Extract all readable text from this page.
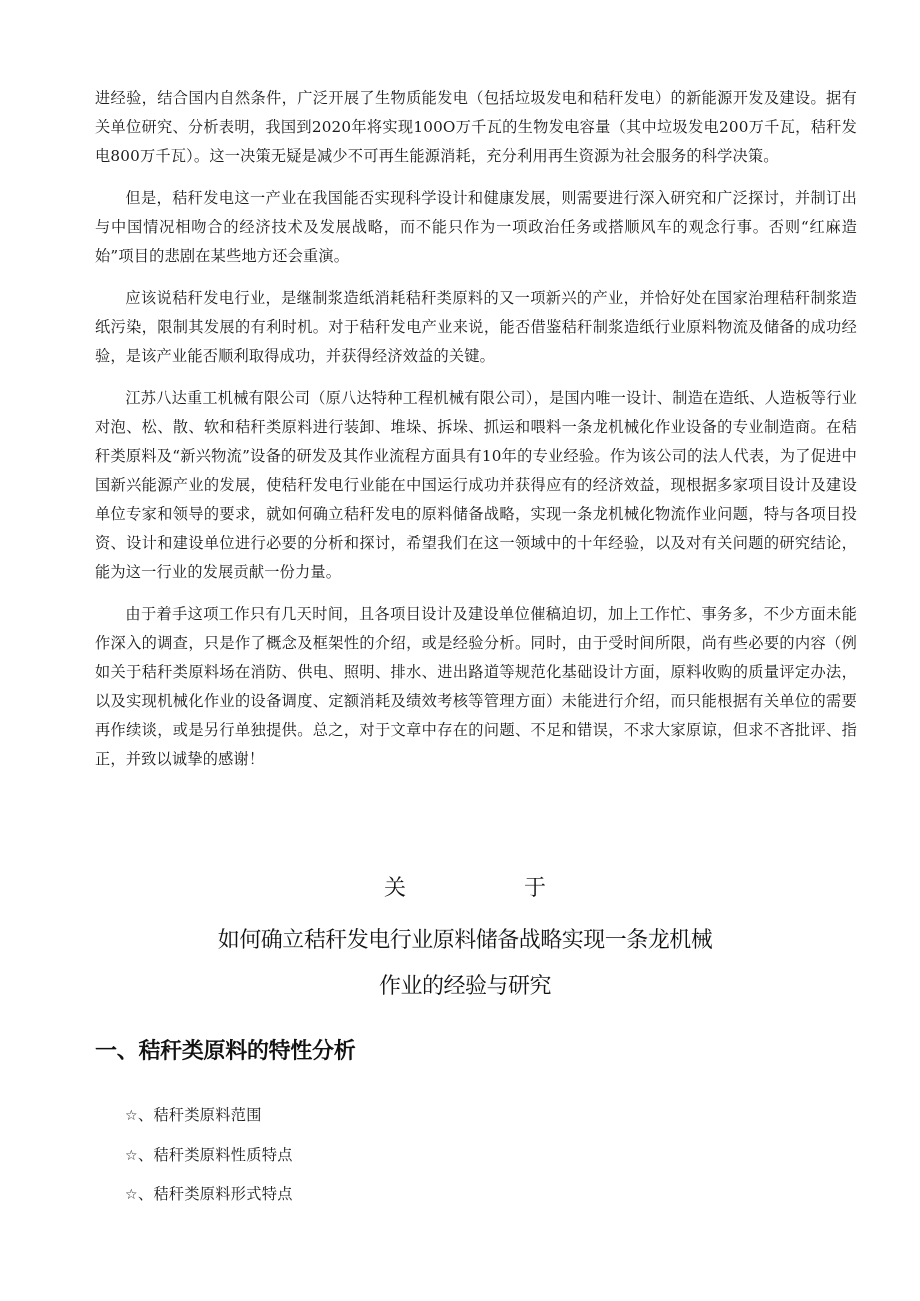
进经验，结合国内自然条件，广泛开展了生物质能发电（包括垃圾发电和秸秆发电）的新能源开发及建设。据有关单位研究、分析表明，我国到2020年将实现100O万千瓦的生物发电容量（其中垃圾发电200万千瓦，秸秆发电800万千瓦）。这一决策无疑是减少不可再生能源消耗，充分利用再生资源为社会服务的科学决策。

但是，秸秆发电这一产业在我国能否实现科学设计和健康发展，则需要进行深入研究和广泛探讨，并制订出与中国情况相吻合的经济技术及发展战略，而不能只作为一项政治任务或搭顺风车的观念行事。否则“红麻造始”项目的悲剧在某些地方还会重演。

应该说秸秆发电行业，是继制浆造纸消耗秸秆类原料的又一项新兴的产业，并恰好处在国家治理秸秆制浆造纸污染，限制其发展的有利时机。对于秸秆发电产业来说，能否借鉴秸秆制浆造纸行业原料物流及储备的成功经验，是该产业能否顺利取得成功，并获得经济效益的关键。

江苏八达重工机械有限公司（原八达特种工程机械有限公司），是国内唯一设计、制造在造纸、人造板等行业对泡、松、散、软和秸秆类原料进行装卸、堆垛、拆垛、抓运和喂料一条龙机械化作业设备的专业制造商。在秸秆类原料及“新兴物流”设备的研发及其作业流程方面具有10年的专业经验。作为该公司的法人代表，为了促进中国新兴能源产业的发展，使秸秆发电行业能在中国运行成功并获得应有的经济效益，现根据多家项目设计及建设单位专家和领导的要求，就如何确立秸秆发电的原料储备战略，实现一条龙机械化物流作业问题，特与各项目投资、设计和建设单位进行必要的分析和探讨，希望我们在这一领域中的十年经验，以及对有关问题的研究结论，能为这一行业的发展贡献一份力量。

由于着手这项工作只有几天时间，且各项目设计及建设单位催稿迫切，加上工作忙、事务多，不少方面未能作深入的调查，只是作了概念及框架性的介绍，或是经验分析。同时，由于受时间所限，尚有些必要的内容（例如关于秸秆类原料场在消防、供电、照明、排水、进出路道等规范化基础设计方面，原料收购的质量评定办法，以及实现机械化作业的设备调度、定额消耗及绩效考核等管理方面）未能进行介绍，而只能根据有关单位的需要再作续谈，或是另行单独提供。总之，对于文章中存在的问题、不足和错误，不求大家原谅，但求不吝批评、指正，并致以诚挚的感谢！

关	于

如何确立秸秆发电行业原料储备战略实现一条龙机械

作业的经验与研究

一、秸秆类原料的特性分析
☆、秸秆类原料范围
☆、秸秆类原料性质特点
☆、秸秆类原料形式特点
